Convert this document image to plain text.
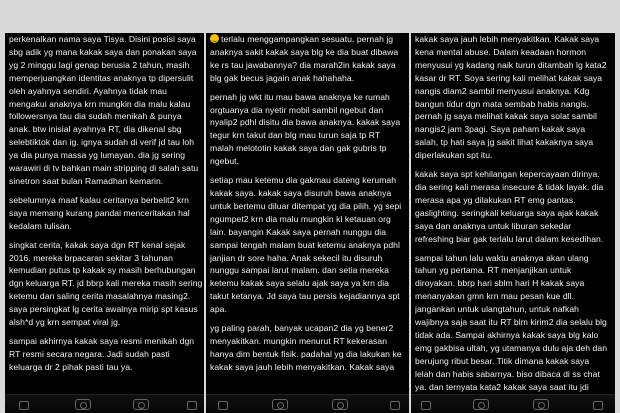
perkenalkan nama saya Tisya. Disini posisi saya
sbg adik yg mana kakak saya dan ponakan saya
yg 2 minggu lagi genap berusia 2 tahun, masih
memperjuangkan identitas anaknya tp dipersulit
oleh ayahnya sendiri. Ayahnya tidak mau
mengakui anaknya krn mungkin dia malu kalau
followersnya tau dia sudah menikah & punya
anak. btw inisial ayahnya RT, dia dikenal sbg
selebtiktok dan ig. ignya sudah di verif jd tau loh
ya dia punya massa yg lumayan. dia jg sering
warawiri di tv bahkan main stripping di salah satu
sinetron saat bulan Ramadhan kemarin.
sebelumnya maaf kalau ceritanya berbelit2 krn
saya memang kurang pandai menceritakan hal
kedalam tulisan.
singkat cerita, kakak saya dgn RT kenal sejak
2016. mereka brpacaran sekitar 3 tahunan
kemudian putus tp kakak sy masih berhubungan
dgn keluarga RT. jd bbrp kali mereka masih sering
ketemu dan saling cerita masalahnya masing2.
saya persingkat lg cerita awalnya mirip spt kasus
alsh*d yg krn sempat viral jg.
sampai akhirnya kakak saya resmi menikah dgn
RT resmi secara negara. Jadi sudah pasti
keluarga dr 2 pihak pasti tau ya.
terlalu menggampangkan sesuatu. pernah jg
anaknya sakit kakak saya blg ke dia buat dibawa
ke rs tau jawabannya? dia marah2in kakak saya
blg gak becus jagain anak hahahaha.
pernah jg wkt itu mau bawa anaknya ke rumah
orgtuanya dia nyetir mobil sambil ngebut dan
nyalip2 pdhl disitu dia bawa anaknya. kakak saya
tegur krn takut dan blg mau turun saja tp RT
malah melototin kakak saya dan gak gubris tp
ngebut.
setiap mau ketemu dia gakmau dateng kerumah
kakak saya. kakak saya disuruh bawa anaknya
untuk bertemu diluar ditempat yg dia pilih. yg sepi
ngumpet2 krn dia malu mungkin kl ketauan org
lain. bayangin Kakak saya pernah nunggu dia
sampai tengah malam buat ketemu anaknya pdhl
janjian dr sore haha. Anak sekecil itu disuruh
nunggu sampai larut malam. dan setia mereka
ketemu kakak saya selalu ajak saya ya krn dia
takut ketanya. Jd saya tau persis kejadiannya spt
apa.
yg paling parah, banyak ucapan2 dia yg bener2
menyakitkan. mungkin menurut RT kekerasan
hanya dim bentuk fisik. padahal yg dia lakukan ke
kakak saya jauh lebih menyakitkan. Kakak saya
kakak saya jauh lebih menyakitkan. Kakak saya
kena mental abuse. Dalam keadaan hormon
menyusui yg kadang naik turun ditambah lg kata2
kasar dr RT. Soya sering kali melihat kakak saya
nangis diam2 sambil menyusui anaknya. Kdg
bangun tidur dgn mata sembab habis nangis.
pernah jg saya melihat kakak saya solat sambil
nangis2 jam 3pagi. Saya paham kakak saya
salah, tp hati saya jg sakit lihat kakaknya saya
diperlakukan spt itu.
kakak saya spt kehilangan kepercayaan dirinya.
dia sering kali merasa insecure & tidak layak. dia
merasa apa yg dilakukan RT emg pantas.
gaslighting. seringkali keluarga saya ajak kakak
saya dan anaknya untuk liburan sekedar
refreshing biar gak terlalu larut dalam kesedihan.
sampai tahun lalu waktu anaknya akan ulang
tahun yg pertama. RT menjanjikan untuk
diroyakan. bbrp hari sblm hari H kakak saya
menanyakan gmn krn mau pesan kue dll.
jangankan untuk ulangtahun, untuk nafkah
wajibnya saja saat itu RT blm kirim2 dia selalu blg
tidak ada. Sampai akhirnya kakak saya blg kalo
emg gakbisa ultah, yg utamanya dulu aja deh dan
berujung ribut besar. Titik dimana kakak saya
lelah dan habis sabarnya. biso dibaca di ss chat
ya. dan ternyata kata2 kakak saya saat itu jdi
